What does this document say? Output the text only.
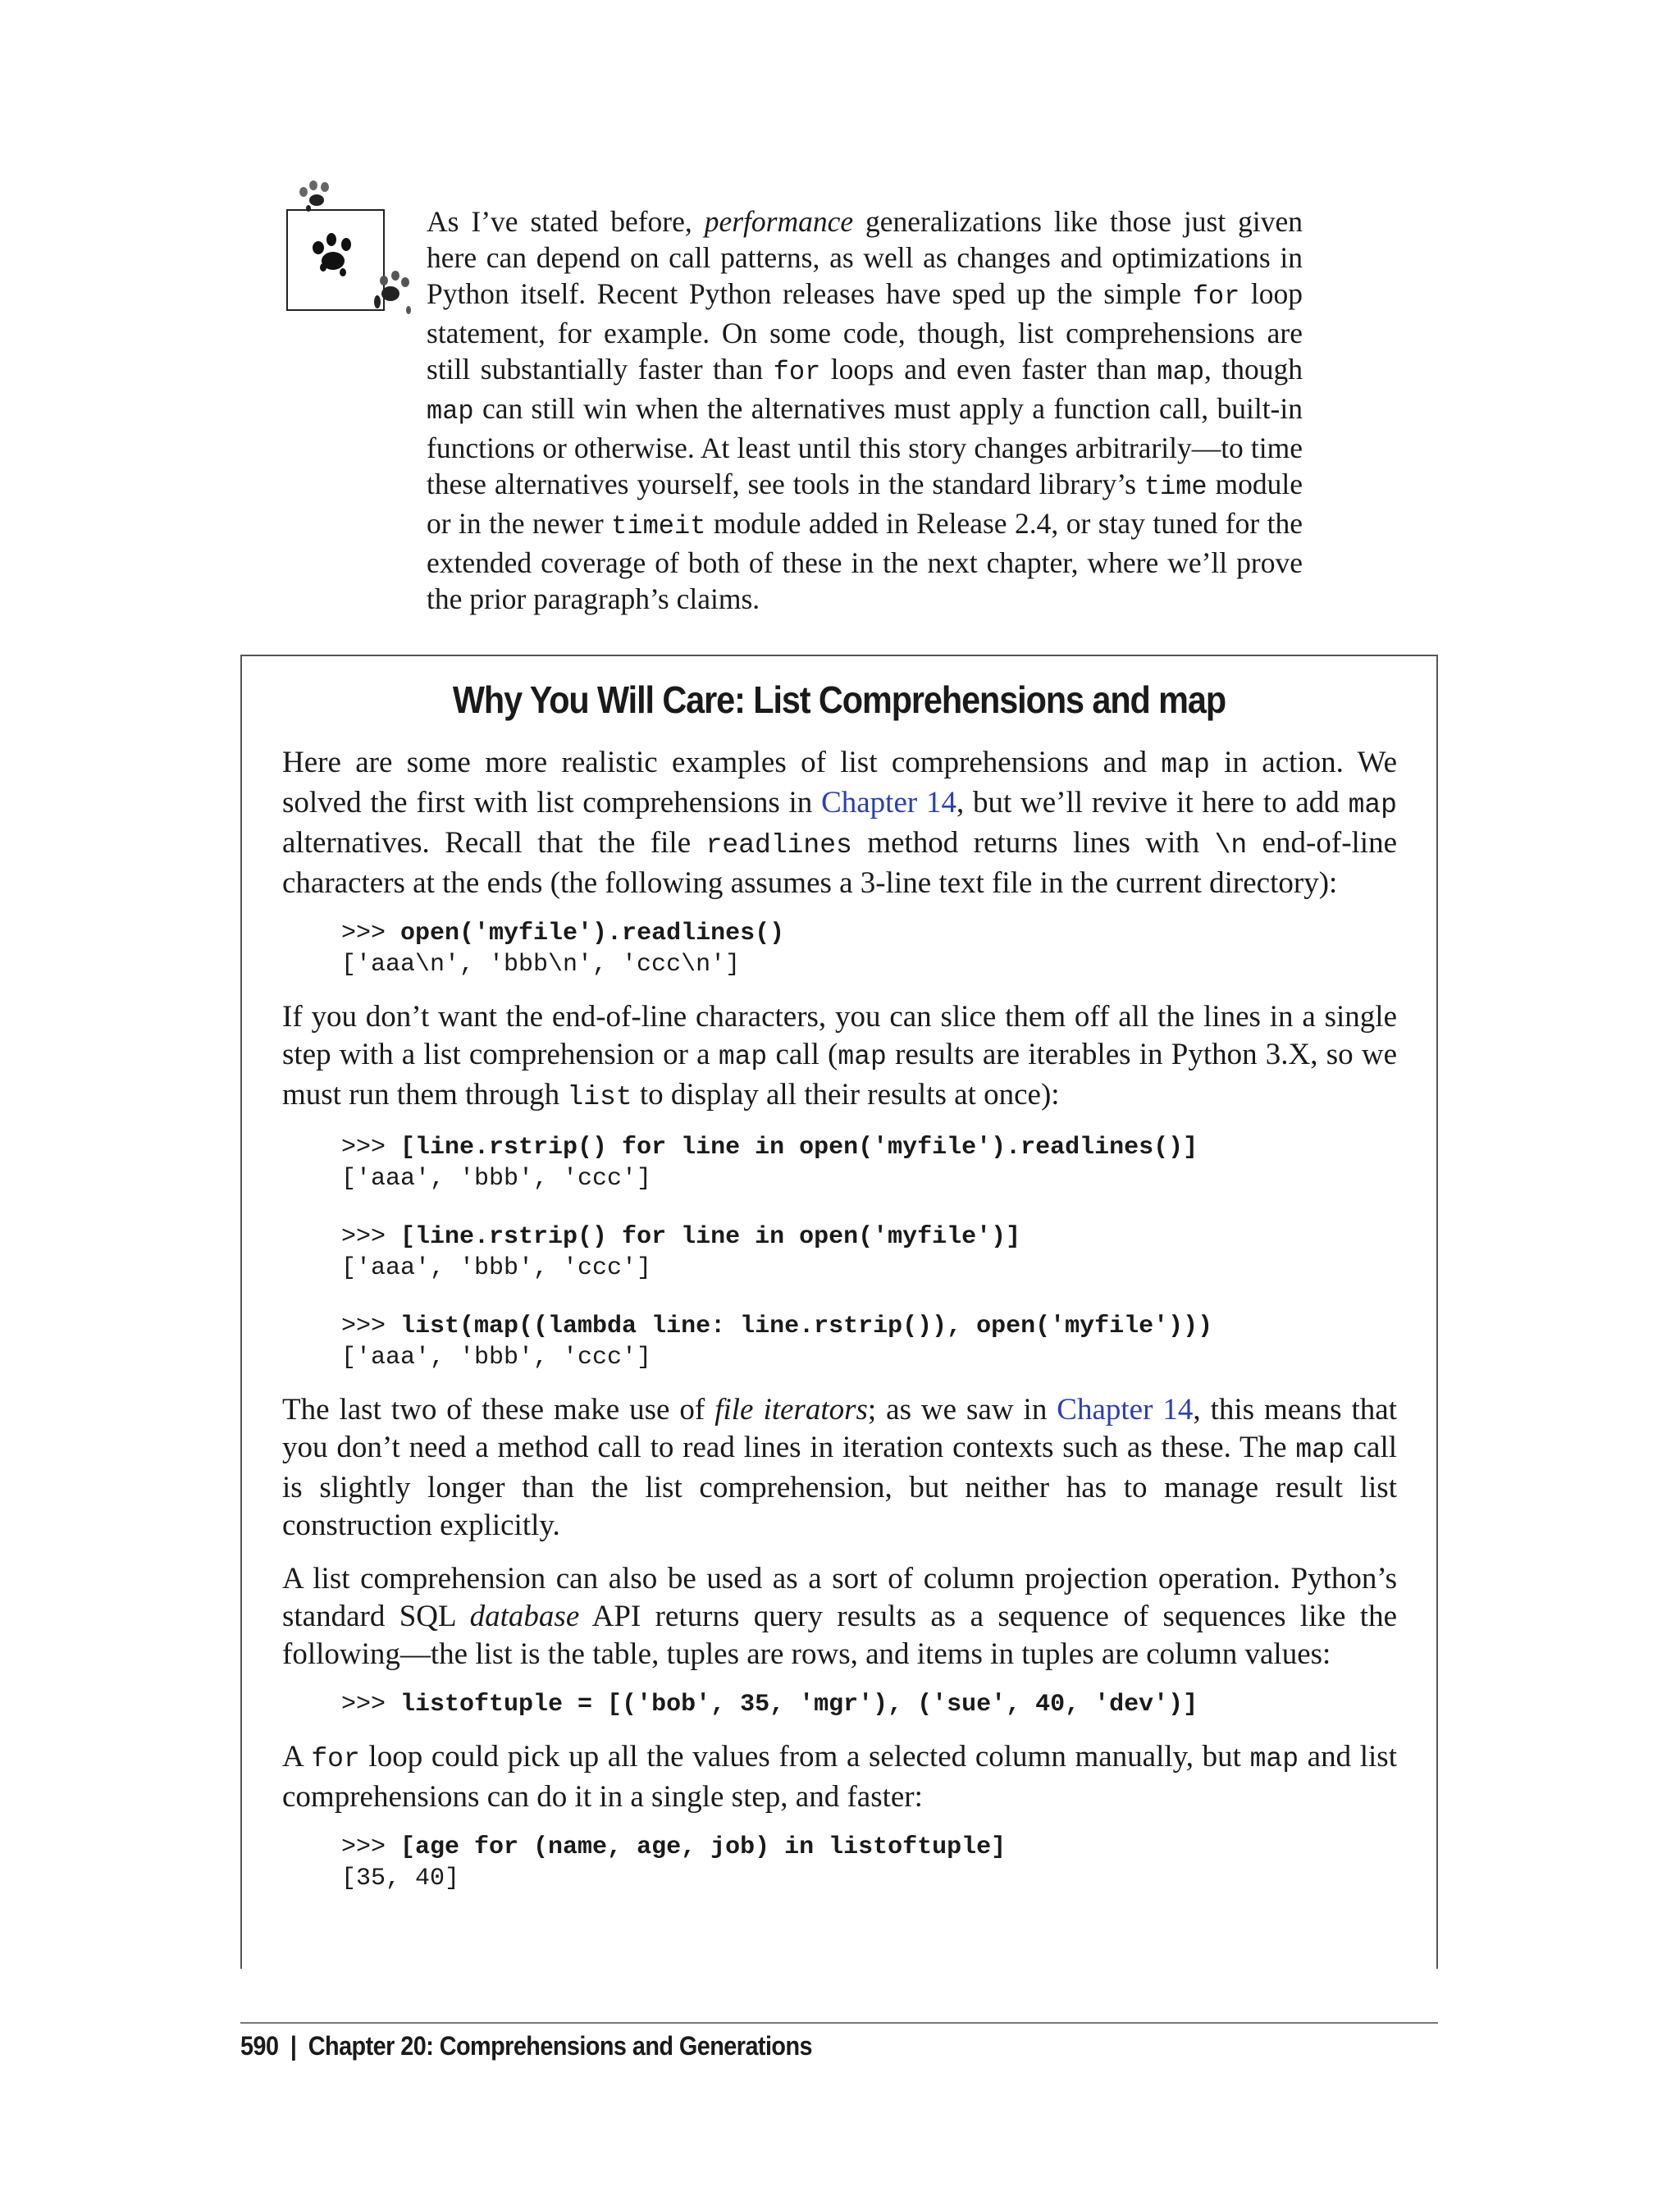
As I’ve stated before, performance generalizations like those just given here can depend on call patterns, as well as changes and optimizations in Python itself. Recent Python releases have sped up the simple for loop statement, for example. On some code, though, list comprehensions are still substantially faster than for loops and even faster than map, though map can still win when the alternatives must apply a function call, built-in functions or otherwise. At least until this story changes arbitrarily—to time these alternatives yourself, see tools in the standard library’s time module or in the newer timeit module added in Release 2.4, or stay tuned for the extended coverage of both of these in the next chapter, where we’ll prove the prior paragraph’s claims.

Why You Will Care: List Comprehensions and map

Here are some more realistic examples of list comprehensions and map in action. We solved the first with list comprehensions in Chapter 14, but we’ll revive it here to add map alternatives. Recall that the file readlines method returns lines with \n end-of-line characters at the ends (the following assumes a 3-line text file in the current directory):

>>> open('myfile').readlines()
['aaa\n', 'bbb\n', 'ccc\n']

If you don’t want the end-of-line characters, you can slice them off all the lines in a single step with a list comprehension or a map call (map results are iterables in Python 3.X, so we must run them through list to display all their results at once):

>>> [line.rstrip() for line in open('myfile').readlines()]
['aaa', 'bbb', 'ccc']
>>> [line.rstrip() for line in open('myfile')]
['aaa', 'bbb', 'ccc']
>>> list(map((lambda line: line.rstrip()), open('myfile')))
['aaa', 'bbb', 'ccc']

The last two of these make use of file iterators; as we saw in Chapter 14, this means that you don’t need a method call to read lines in iteration contexts such as these. The map call is slightly longer than the list comprehension, but neither has to manage result list construction explicitly.

A list comprehension can also be used as a sort of column projection operation. Python’s standard SQL database API returns query results as a sequence of sequences like the following—the list is the table, tuples are rows, and items in tuples are column values:

>>> listoftuple = [('bob', 35, 'mgr'), ('sue', 40, 'dev')]

A for loop could pick up all the values from a selected column manually, but map and list comprehensions can do it in a single step, and faster:

>>> [age for (name, age, job) in listoftuple]
[35, 40]
590 | Chapter 20: Comprehensions and Generations
